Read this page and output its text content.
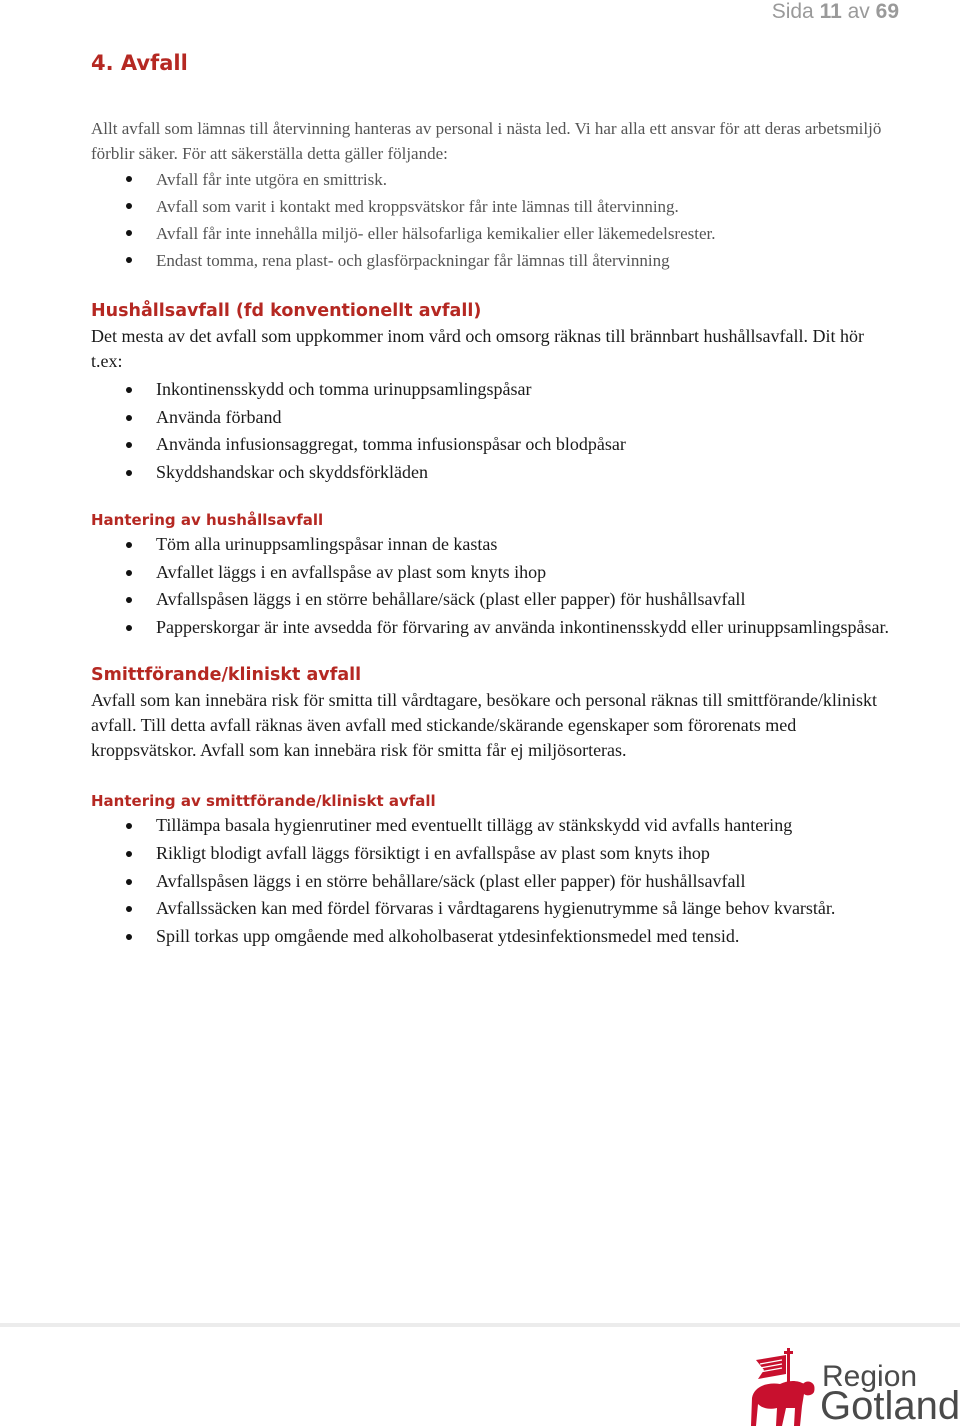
Sida 11 av 69
4. Avfall

Allt avfall som lämnas till återvinning hanteras av personal i nästa led. Vi har alla ett ansvar för att deras arbetsmiljö förblir säker. För att säkerställa detta gäller följande:

Avfall får inte utgöra en smittrisk.
Avfall som varit i kontakt med kroppsvätskor får inte lämnas till återvinning.
Avfall får inte innehålla miljö- eller hälsofarliga kemikalier eller läkemedelsrester.
Endast tomma, rena plast- och glasförpackningar får lämnas till återvinning
Hushållsavfall (fd konventionellt avfall)

Det mesta av det avfall som uppkommer inom vård och omsorg räknas till brännbart hushållsavfall. Dit hör t.ex:

Inkontinensskydd och tomma urinuppsamlingspåsar
Använda förband
Använda infusionsaggregat, tomma infusionspåsar och blodpåsar
Skyddshandskar och skyddsförkläden
Hantering av hushållsavfall
Töm alla urinuppsamlingspåsar innan de kastas
Avfallet läggs i en avfallspåse av plast som knyts ihop
Avfallspåsen läggs i en större behållare/säck (plast eller papper) för hushållsavfall
Papperskorgar är inte avsedda för förvaring av använda inkontinensskydd eller urinuppsamlingspåsar.
Smittförande/kliniskt avfall

Avfall som kan innebära risk för smitta till vårdtagare, besökare och personal räknas till smittförande/kliniskt avfall. Till detta avfall räknas även avfall med stickande/skärande egenskaper som förorenats med kroppsvätskor. Avfall som kan innebära risk för smitta får ej miljösorteras.

Hantering av smittförande/kliniskt avfall
Tillämpa basala hygienrutiner med eventuellt tillägg av stänkskydd vid avfalls hantering
Rikligt blodigt avfall läggs försiktigt i en avfallspåse av plast som knyts ihop
Avfallspåsen läggs i en större behållare/säck (plast eller papper) för hushållsavfall
Avfallssäcken kan med fördel förvaras i vårdtagarens hygienutrymme så länge behov kvarstår.
Spill torkas upp omgående med alkoholbaserat ytdesinfektionsmedel med tensid.
Region
Gotland
